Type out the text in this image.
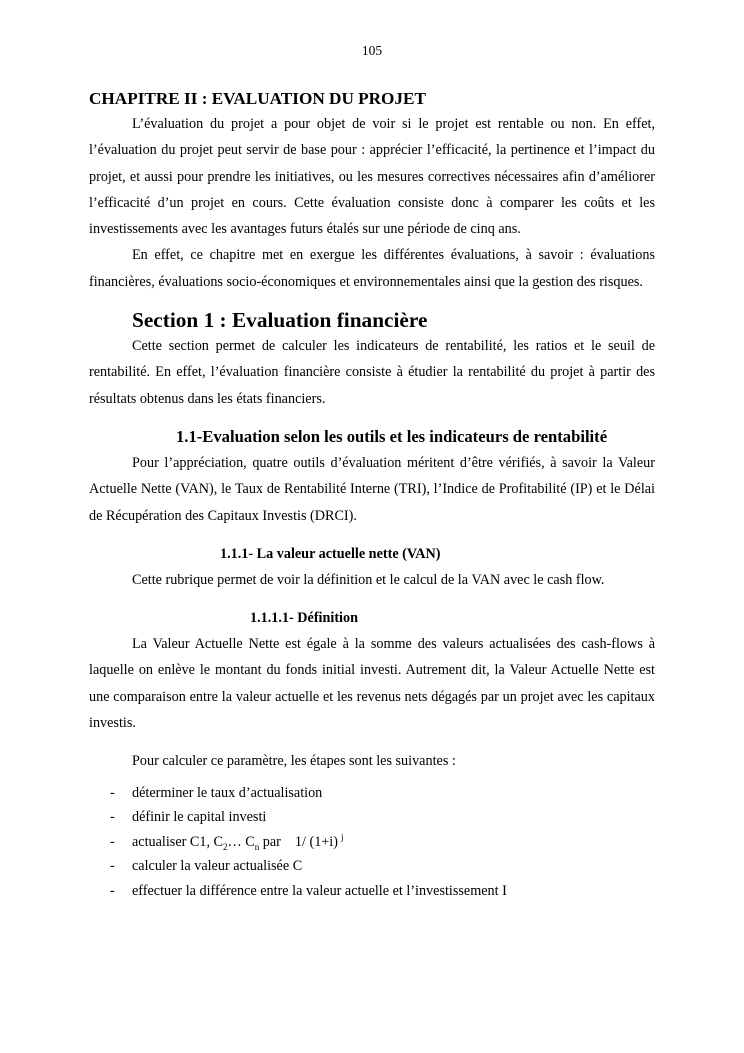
105
CHAPITRE II : EVALUATION DU PROJET

L’évaluation du projet a pour objet de voir si le projet est rentable ou non. En effet, l’évaluation du projet peut servir de base pour : apprécier l’efficacité, la pertinence et l’impact du projet, et aussi pour prendre les initiatives, ou les mesures correctives nécessaires afin d’améliorer l’efficacité d’un projet en cours. Cette évaluation consiste donc à comparer les coûts et les investissements avec les avantages futurs étalés sur une période de cinq ans.

En effet, ce chapitre met en exergue les différentes évaluations, à savoir : évaluations financières, évaluations socio-économiques et environnementales ainsi que la gestion des risques.

Section 1 : Evaluation financière

Cette section permet de calculer les indicateurs de rentabilité, les ratios et le seuil de rentabilité. En effet, l’évaluation financière consiste à étudier la rentabilité du projet à partir des résultats obtenus dans les états financiers.

1.1-Evaluation selon les outils et les indicateurs de rentabilité

Pour l’appréciation, quatre outils d’évaluation méritent d’être vérifiés, à savoir la Valeur Actuelle Nette (VAN), le Taux de Rentabilité Interne (TRI), l’Indice de Profitabilité (IP) et le Délai de Récupération des Capitaux Investis (DRCI).

1.1.1- La valeur actuelle nette (VAN)

Cette rubrique permet de voir la définition et le calcul de la VAN avec le cash flow.

1.1.1.1- Définition

La Valeur Actuelle Nette est égale à la somme des valeurs actualisées des cash-flows à laquelle on enlève le montant du fonds initial investi. Autrement dit, la Valeur Actuelle Nette est une comparaison entre la valeur actuelle et les revenus nets dégagés par un projet avec les capitaux investis.

Pour calculer ce paramètre, les étapes sont les suivantes :

- déterminer le taux d’actualisation
- définir le capital investi
- actualiser C1, $C_2\dots$ $C_n$ par 1/ (1+i) $^j$
- calculer la valeur actualisée C
- effectuer la différence entre la valeur actuelle et l’investissement I
